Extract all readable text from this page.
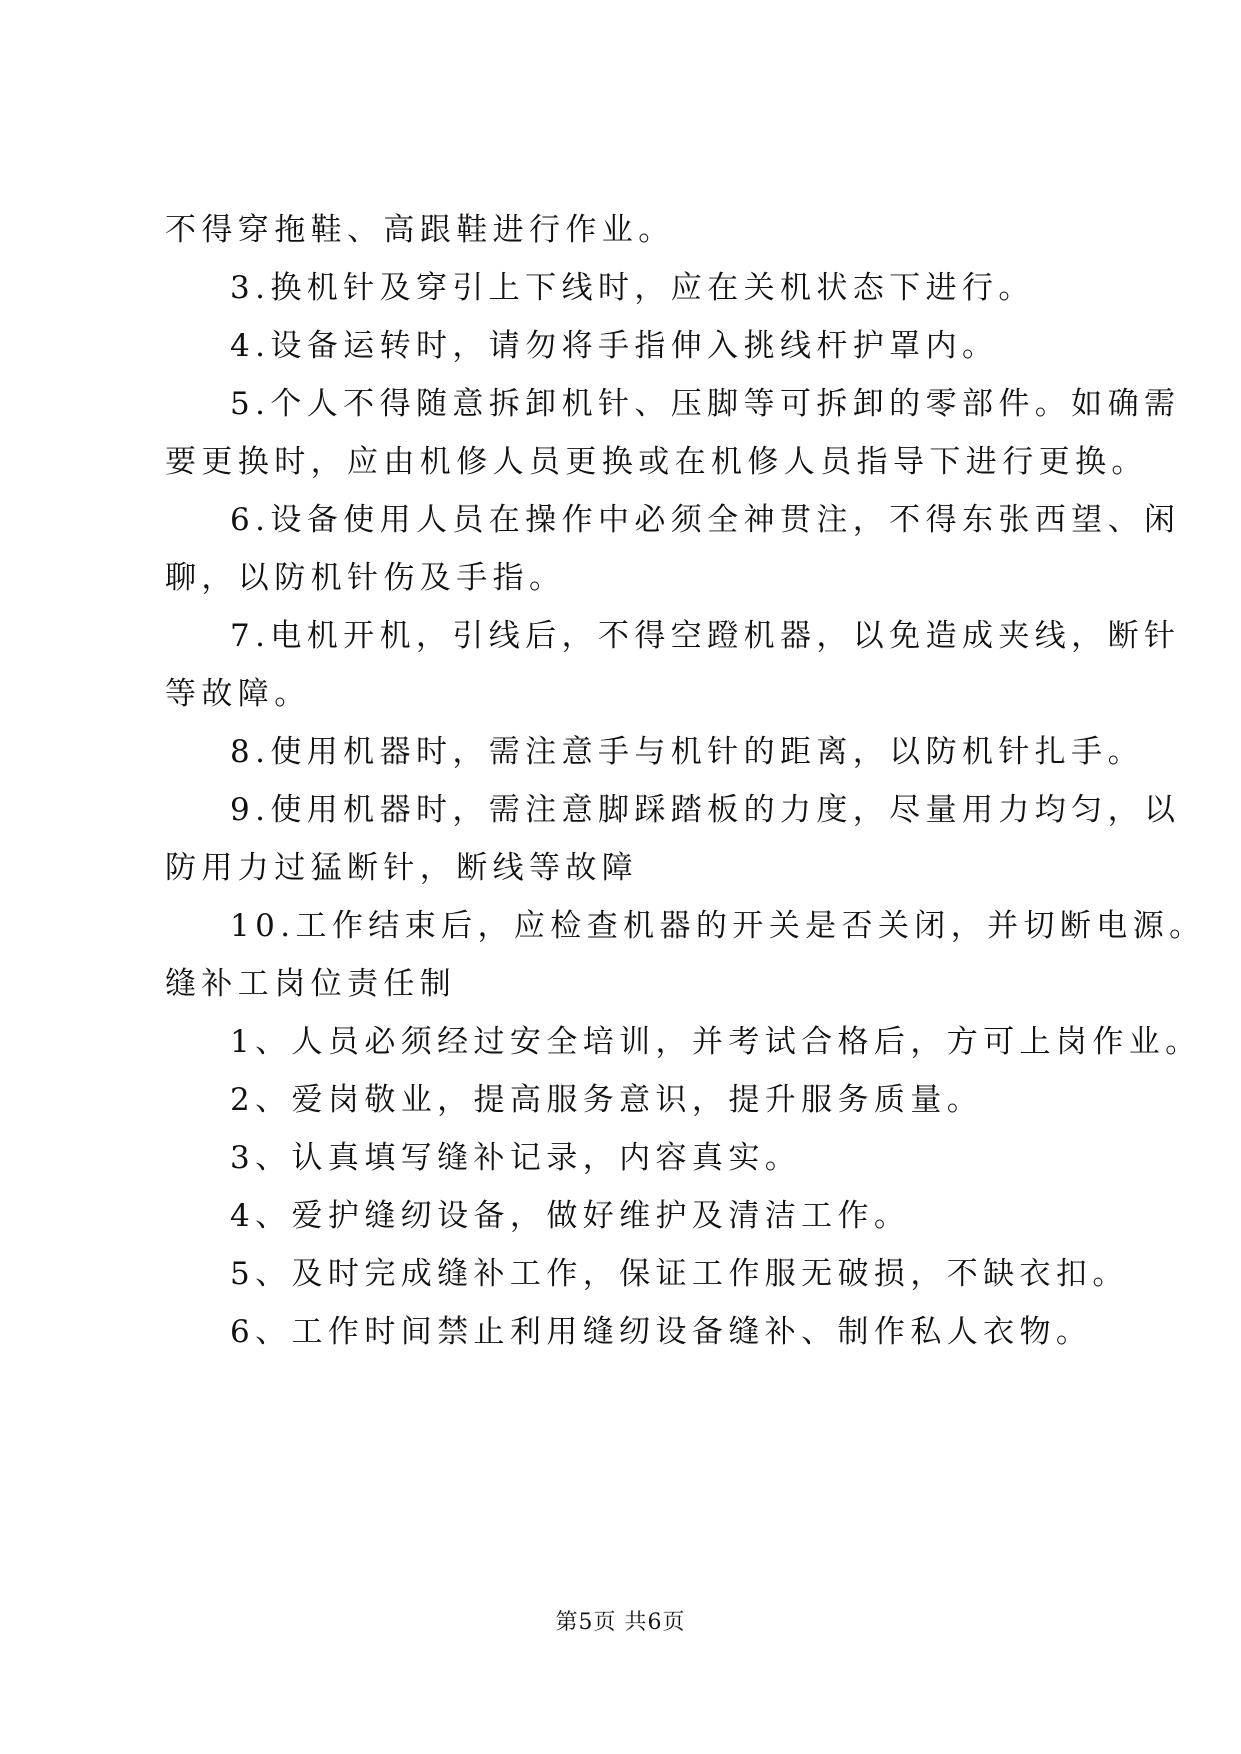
不得穿拖鞋、高跟鞋进行作业。
3.换机针及穿引上下线时，应在关机状态下进行。
4.设备运转时，请勿将手指伸入挑线杆护罩内。
5.个人不得随意拆卸机针、压脚等可拆卸的零部件。如确需
要更换时，应由机修人员更换或在机修人员指导下进行更换。
6.设备使用人员在操作中必须全神贯注，不得东张西望、闲
聊，以防机针伤及手指。
7.电机开机，引线后，不得空蹬机器，以免造成夹线，断针
等故障。
8.使用机器时，需注意手与机针的距离，以防机针扎手。
9.使用机器时，需注意脚踩踏板的力度，尽量用力均匀，以
防用力过猛断针，断线等故障
10.工作结束后，应检查机器的开关是否关闭，并切断电源。
缝补工岗位责任制
1、人员必须经过安全培训，并考试合格后，方可上岗作业。
2、爱岗敬业，提高服务意识，提升服务质量。
3、认真填写缝补记录，内容真实。
4、爱护缝纫设备，做好维护及清洁工作。
5、及时完成缝补工作，保证工作服无破损，不缺衣扣。
6、工作时间禁止利用缝纫设备缝补、制作私人衣物。
第5页 共6页
